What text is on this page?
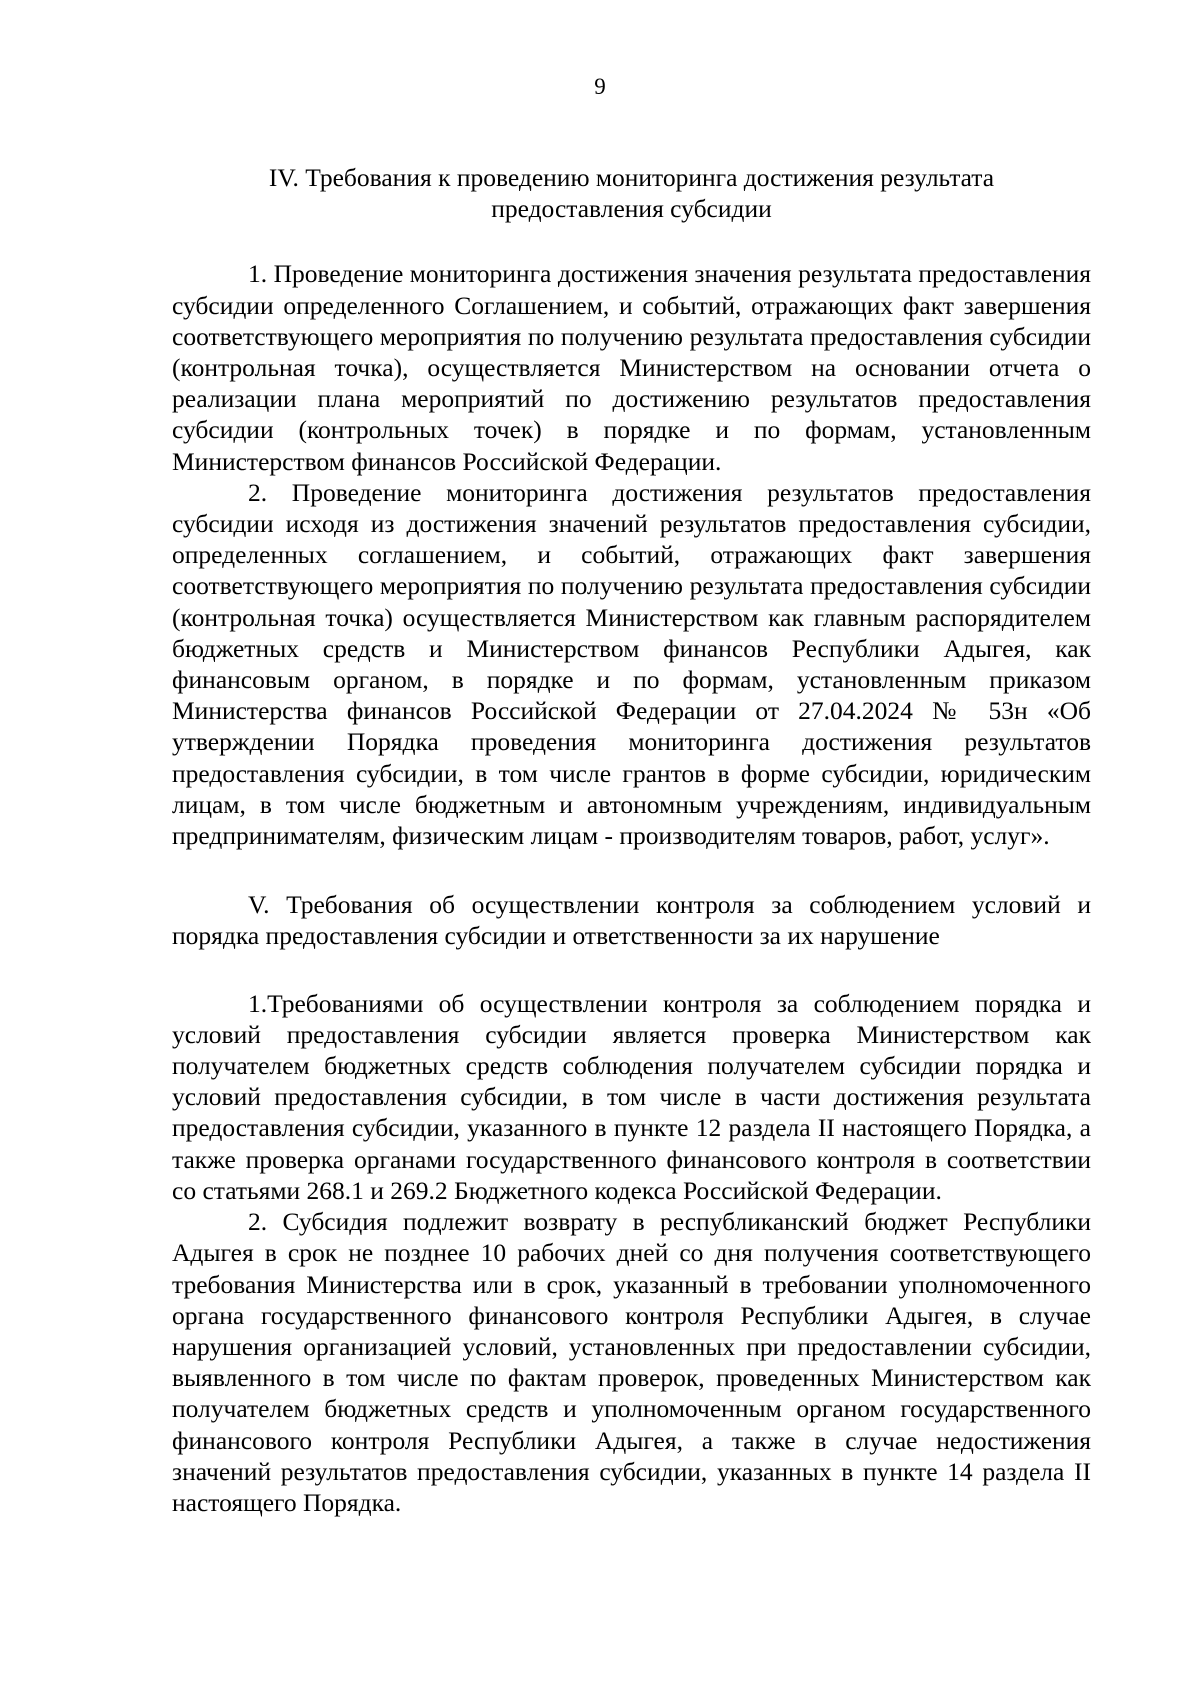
9

IV. Требования к проведению мониторинга достижения результата

предоставления субсидии

1. Проведение мониторинга достижения значения результата предоставления субсидии определенного Соглашением, и событий, отражающих факт завершения соответствующего мероприятия по получению результата предоставления субсидии (контрольная точка), осуществляется Министерством на основании отчета о реализации плана мероприятий по достижению результатов предоставления субсидии (контрольных точек) в порядке и по формам, установленным Министерством финансов Российской Федерации.

2. Проведение мониторинга достижения результатов предоставления субсидии исходя из достижения значений результатов предоставления субсидии, определенных соглашением, и событий, отражающих факт завершения соответствующего мероприятия по получению результата предоставления субсидии (контрольная точка) осуществляется Министерством как главным распорядителем бюджетных средств и Министерством финансов Республики Адыгея, как финансовым органом, в порядке и по формам, установленным приказом Министерства финансов Российской Федерации от 27.04.2024 № 53н «Об утверждении Порядка проведения мониторинга достижения результатов предоставления субсидии, в том числе грантов в форме субсидии, юридическим лицам, в том числе бюджетным и автономным учреждениям, индивидуальным предпринимателям, физическим лицам - производителям товаров, работ, услуг».

V. Требования об осуществлении контроля за соблюдением условий и порядка предоставления субсидии и ответственности за их нарушение

1.Требованиями об осуществлении контроля за соблюдением порядка и условий предоставления субсидии является проверка Министерством как получателем бюджетных средств соблюдения получателем субсидии порядка и условий предоставления субсидии, в том числе в части достижения результата предоставления субсидии, указанного в пункте 12 раздела II настоящего Порядка, а также проверка органами государственного финансового контроля в соответствии со статьями 268.1 и 269.2 Бюджетного кодекса Российской Федерации.

2. Субсидия подлежит возврату в республиканский бюджет Республики Адыгея в срок не позднее 10 рабочих дней со дня получения соответствующего требования Министерства или в срок, указанный в требовании уполномоченного органа государственного финансового контроля Республики Адыгея, в случае нарушения организацией условий, установленных при предоставлении субсидии, выявленного в том числе по фактам проверок, проведенных Министерством как получателем бюджетных средств и уполномоченным органом государственного финансового контроля Республики Адыгея, а также в случае недостижения значений результатов предоставления субсидии, указанных в пункте 14 раздела II настоящего Порядка.
